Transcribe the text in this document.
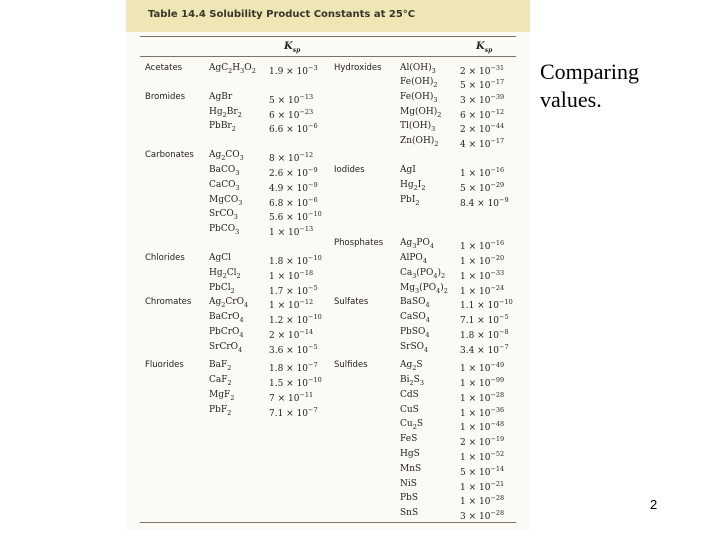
Table 14.4 Solubility Product Constants at 25°C
$K_{sp}$	$K_{sp}$
Acetates	$AgC_2H_3O_2$ $1.9 \times 10^{-3}$
Bromides	AgBr	$5 \times 10^{-13}$
$Hg_2Br_2$	$6 \times 10^{-23}$
PbBr$_2$	$6.6 \times 10^{-6}$
Carbonates $Ag_2CO_3$	$8 \times 10^{-12}$
BaCO$_3$	$2.6 \times 10^{-9}$
CaCO$_3$	$4.9 \times 10^{-9}$
MgCO$_3$	$6.8 \times 10^{-6}$
SrCO$_3$	$5.6 \times 10^{-10}$
PbCO$_3$	$1 \times 10^{-13}$
Chlorides	AgCl	$1.8 \times 10^{-10}$
$Hg_2Cl_2$	$1 \times 10^{-18}$
PbCl$_2$	$1.7 \times 10^{-5}$
Chromates $Ag_2CrO_4$ $1 \times 10^{-12}$
BaCrO$_4$	$1.2 \times 10^{-10}$
PbCrO$_4$	$2 \times 10^{-14}$
SrCrO$_4$	$3.6 \times 10^{-5}$
Fluorides	BaF$_2$	$1.8 \times 10^{-7}$
CaF$_2$	$1.5 \times 10^{-10}$
MgF$_2$	$7 \times 10^{-11}$
PbF$_2$	$7.1 \times 10^{-7}$
Hydroxides $Al(OH)_3$	$2 \times 10^{-31}$
$Fe(OH)_2$	$5 \times 10^{-17}$
$Fe(OH)_3$	$3 \times 10^{-39}$
$Mg(OH)_2$ $6 \times 10^{-12}$
$Tl(OH)_3$	$2 \times 10^{-44}$
$Zn(OH)_2$ $4 \times 10^{-17}$
Iodides	AgI	$1 \times 10^{-16}$
$Hg_2I_2$	$5 \times 10^{-29}$
PbI$_2$	$8.4 \times 10^{-9}$
Phosphates $Ag_3PO_4$	$1 \times 10^{-16}$
AlPO$_4$	$1 \times 10^{-20}$
$Ca_3(PO_4)_2$ $1 \times 10^{-33}$
$Mg_3(PO_4)_2$ $1 \times 10^{-24}$
Sulfates	BaSO$_4$	$1.1 \times 10^{-10}$
CaSO$_4$	$7.1 \times 10^{-5}$
PbSO$_4$	$1.8 \times 10^{-8}$
SrSO$_4$	$3.4 \times 10^{-7}$
Sulfides	$Ag_2S$	$1 \times 10^{-49}$
$Bi_2S_3$	$1 \times 10^{-99}$
CdS	$1 \times 10^{-28}$
CuS	$1 \times 10^{-36}$
$Cu_2S$	$1 \times 10^{-48}$
FeS	$2 \times 10^{-19}$
HgS	$1 \times 10^{-52}$
MnS	$5 \times 10^{-14}$
NiS	$1 \times 10^{-21}$
PbS	$1 \times 10^{-28}$
SnS	$3 \times 10^{-28}$
Comparing
values.
2
